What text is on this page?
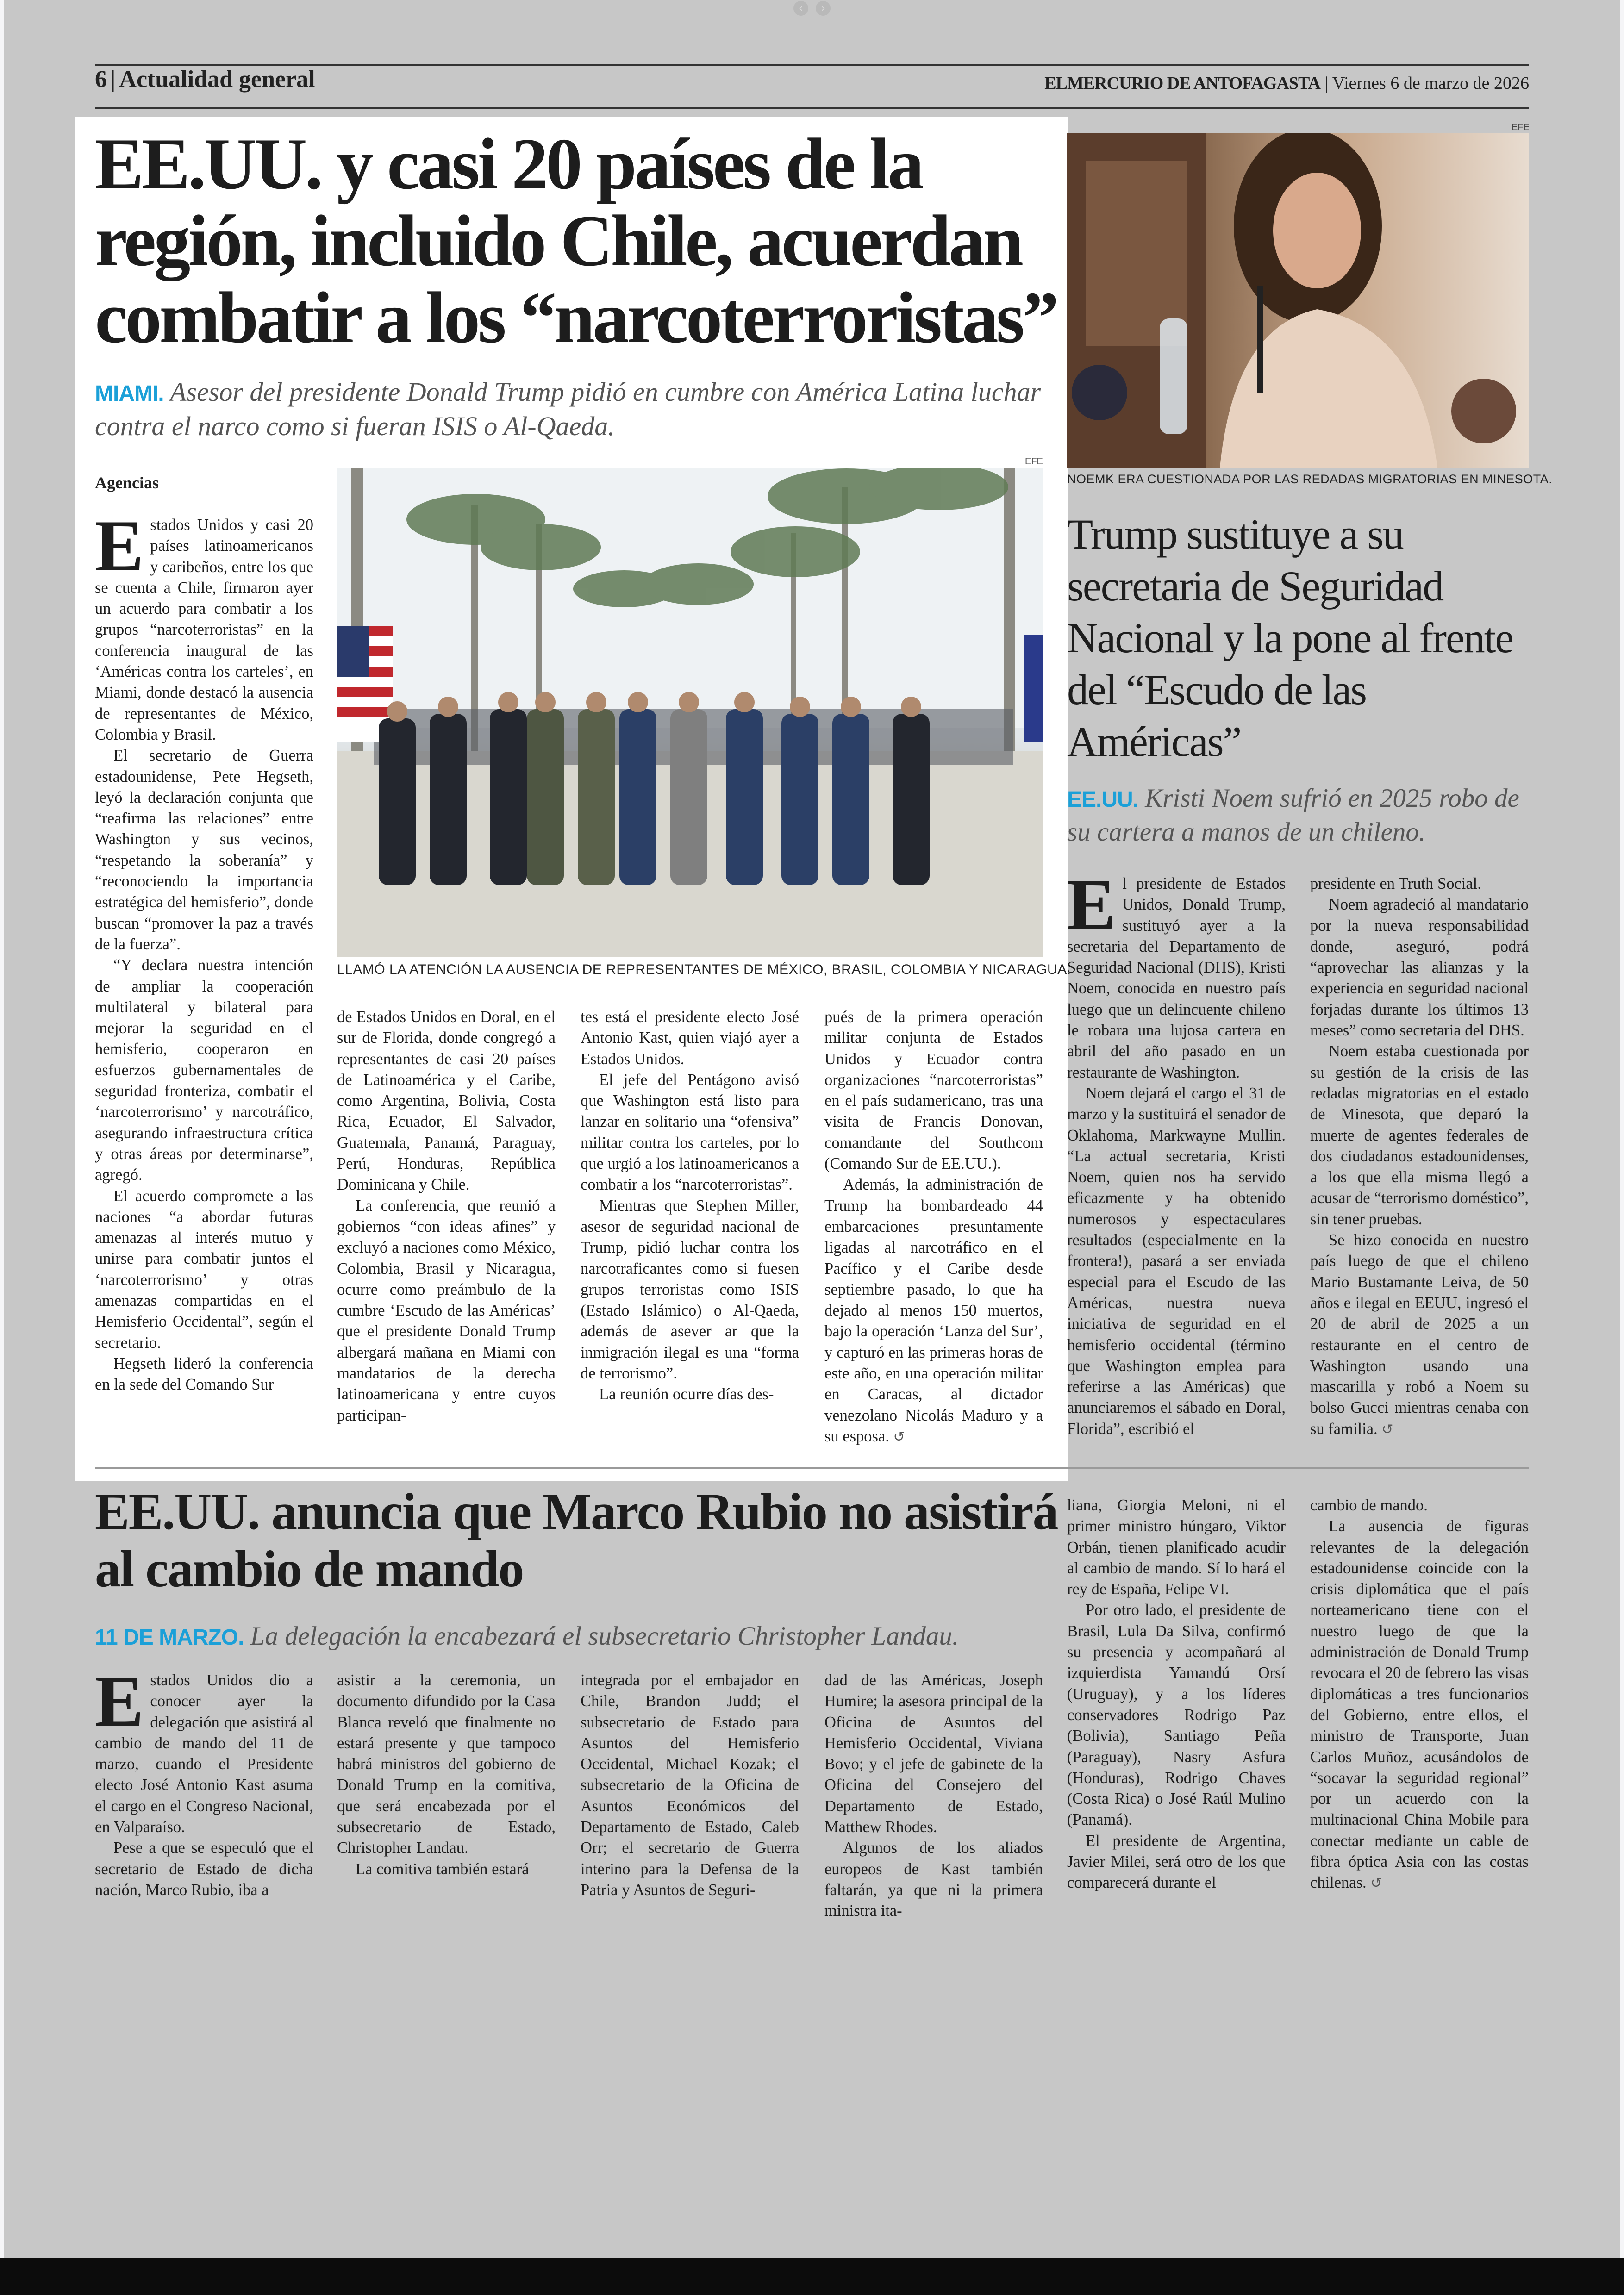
‹ ›
6 | Actualidad general	ELMERCURIO DE ANTOFAGASTA | Viernes 6 de marzo de 2026
EE.UU. y casi 20 países de la región, incluido Chile, acuerdan combatir a los “narcoterroristas”
MIAMI. Asesor del presidente Donald Trump pidió en cumbre con América Latina luchar contra el narco como si fueran ISIS o Al-Qaeda.
Agencias

Estados Unidos y casi 20 países latinoamericanos y caribeños, entre los que se cuenta a Chile, firmaron ayer un acuerdo para combatir a los grupos “narcoterroristas” en la conferencia inaugural de las ‘Américas contra los carteles’, en Miami, donde destacó la ausencia de representantes de México, Colombia y Brasil.

El secretario de Guerra estadounidense, Pete Hegseth, leyó la declaración conjunta que “reafirma las relaciones” entre Washington y sus vecinos, “respetando la soberanía” y “reconociendo la importancia estratégica del hemisferio”, donde buscan “promover la paz a través de la fuerza”.

“Y declara nuestra intención de ampliar la cooperación multilateral y bilateral para mejorar la seguridad en el hemisferio, cooperaron en esfuerzos gubernamentales de seguridad fronteriza, combatir el ‘narcoterrorismo’ y narcotráfico, asegurando infraestructura crítica y otras áreas por determinarse”, agregó.

El acuerdo compromete a las naciones “a abordar futuras amenazas al interés mutuo y unirse para combatir juntos el ‘narcoterrorismo’ y otras amenazas compartidas en el Hemisferio Occidental”, según el secretario.

Hegseth lideró la conferencia en la sede del Comando Sur

EFE
LLAMÓ LA ATENCIÓN LA AUSENCIA DE REPRESENTANTES DE MÉXICO, BRASIL, COLOMBIA Y NICARAGUA.

de Estados Unidos en Doral, en el sur de Florida, donde congregó a representantes de casi 20 países de Latinoamérica y el Caribe, como Argentina, Bolivia, Costa Rica, Ecuador, El Salvador, Guatemala, Panamá, Paraguay, Perú, Honduras, República Dominicana y Chile.

La conferencia, que reunió a gobiernos “con ideas afines” y excluyó a naciones como México, Colombia, Brasil y Nicaragua, ocurre como preámbulo de la cumbre ‘Escudo de las Américas’ que el presidente Donald Trump albergará mañana en Miami con mandatarios de la derecha latinoamericana y entre cuyos participan-

tes está el presidente electo José Antonio Kast, quien viajó ayer a Estados Unidos.

El jefe del Pentágono avisó que Washington está listo para lanzar en solitario una “ofensiva” militar contra los carteles, por lo que urgió a los latinoamericanos a combatir a los “narcoterroristas”.

Mientras que Stephen Miller, asesor de seguridad nacional de Trump, pidió luchar contra los narcotraficantes como si fuesen grupos terroristas como ISIS (Estado Islámico) o Al-Qaeda, además de asever ar que la inmigración ilegal es una “forma de terrorismo”.

La reunión ocurre días des-

pués de la primera operación militar conjunta de Estados Unidos y Ecuador contra organizaciones “narcoterroristas” en el país sudamericano, tras una visita de Francis Donovan, comandante del Southcom (Comando Sur de EE.UU.).

Además, la administración de Trump ha bombardeado 44 embarcaciones presuntamente ligadas al narcotráfico en el Pacífico y el Caribe desde septiembre pasado, lo que ha dejado al menos 150 muertos, bajo la operación ‘Lanza del Sur’, y capturó en las primeras horas de este año, en una operación militar en Caracas, al dictador venezolano Nicolás Maduro y a su esposa. ↺

EFE
NOEMK ERA CUESTIONADA POR LAS REDADAS MIGRATORIAS EN MINESOTA.
Trump sustituye a su secretaria de Seguridad Nacional y la pone al frente del “Escudo de las Américas”
EE.UU. Kristi Noem sufrió en 2025 robo de su cartera a manos de un chileno.

El presidente de Estados Unidos, Donald Trump, sustituyó ayer a la secretaria del Departamento de Seguridad Nacional (DHS), Kristi Noem, conocida en nuestro país luego que un delincuente chileno le robara una lujosa cartera en abril del año pasado en un restaurante de Washington.

Noem dejará el cargo el 31 de marzo y la sustituirá el senador de Oklahoma, Markwayne Mullin. “La actual secretaria, Kristi Noem, quien nos ha servido eficazmente y ha obtenido numerosos y espectaculares resultados (especialmente en la frontera!), pasará a ser enviada especial para el Escudo de las Américas, nuestra nueva iniciativa de seguridad en el hemisferio occidental (término que Washington emplea para referirse a las Américas) que anunciaremos el sábado en Doral, Florida”, escribió el

presidente en Truth Social.

Noem agradeció al mandatario por la nueva responsabilidad donde, aseguró, podrá “aprovechar las alianzas y la experiencia en seguridad nacional forjadas durante los últimos 13 meses” como secretaria del DHS.

Noem estaba cuestionada por su gestión de la crisis de las redadas migratorias en el estado de Minesota, que deparó la muerte de agentes federales de dos ciudadanos estadounidenses, a los que ella misma llegó a acusar de “terrorismo doméstico”, sin tener pruebas.

Se hizo conocida en nuestro país luego de que el chileno Mario Bustamante Leiva, de 50 años e ilegal en EEUU, ingresó el 20 de abril de 2025 a un restaurante en el centro de Washington usando una mascarilla y robó a Noem su bolso Gucci mientras cenaba con su familia. ↺

EE.UU. anuncia que Marco Rubio no asistirá al cambio de mando
11 DE MARZO. La delegación la encabezará el subsecretario Christopher Landau.

Estados Unidos dio a conocer ayer la delegación que asistirá al cambio de mando del 11 de marzo, cuando el Presidente electo José Antonio Kast asuma el cargo en el Congreso Nacional, en Valparaíso.

Pese a que se especuló que el secretario de Estado de dicha nación, Marco Rubio, iba a

asistir a la ceremonia, un documento difundido por la Casa Blanca reveló que finalmente no estará presente y que tampoco habrá ministros del gobierno de Donald Trump en la comitiva, que será encabezada por el subsecretario de Estado, Christopher Landau.

La comitiva también estará

integrada por el embajador en Chile, Brandon Judd; el subsecretario de Estado para Asuntos del Hemisferio Occidental, Michael Kozak; el subsecretario de la Oficina de Asuntos Económicos del Departamento de Estado, Caleb Orr; el secretario de Guerra interino para la Defensa de la Patria y Asuntos de Seguri-

dad de las Américas, Joseph Humire; la asesora principal de la Oficina de Asuntos del Hemisferio Occidental, Viviana Bovo; y el jefe de gabinete de la Oficina del Consejero del Departamento de Estado, Matthew Rhodes.

Algunos de los aliados europeos de Kast también faltarán, ya que ni la primera ministra ita-

liana, Giorgia Meloni, ni el primer ministro húngaro, Viktor Orbán, tienen planificado acudir al cambio de mando. Sí lo hará el rey de España, Felipe VI.

Por otro lado, el presidente de Brasil, Lula Da Silva, confirmó su presencia y acompañará al izquierdista Yamandú Orsí (Uruguay), y a los líderes conservadores Rodrigo Paz (Bolivia), Santiago Peña (Paraguay), Nasry Asfura (Honduras), Rodrigo Chaves (Costa Rica) o José Raúl Mulino (Panamá).

El presidente de Argentina, Javier Milei, será otro de los que comparecerá durante el

cambio de mando.

La ausencia de figuras relevantes de la delegación estadounidense coincide con la crisis diplomática que el país norteamericano tiene con el nuestro luego de que la administración de Donald Trump revocara el 20 de febrero las visas diplomáticas a tres funcionarios del Gobierno, entre ellos, el ministro de Transporte, Juan Carlos Muñoz, acusándolos de “socavar la seguridad regional” por un acuerdo con la multinacional China Mobile para conectar mediante un cable de fibra óptica Asia con las costas chilenas. ↺
